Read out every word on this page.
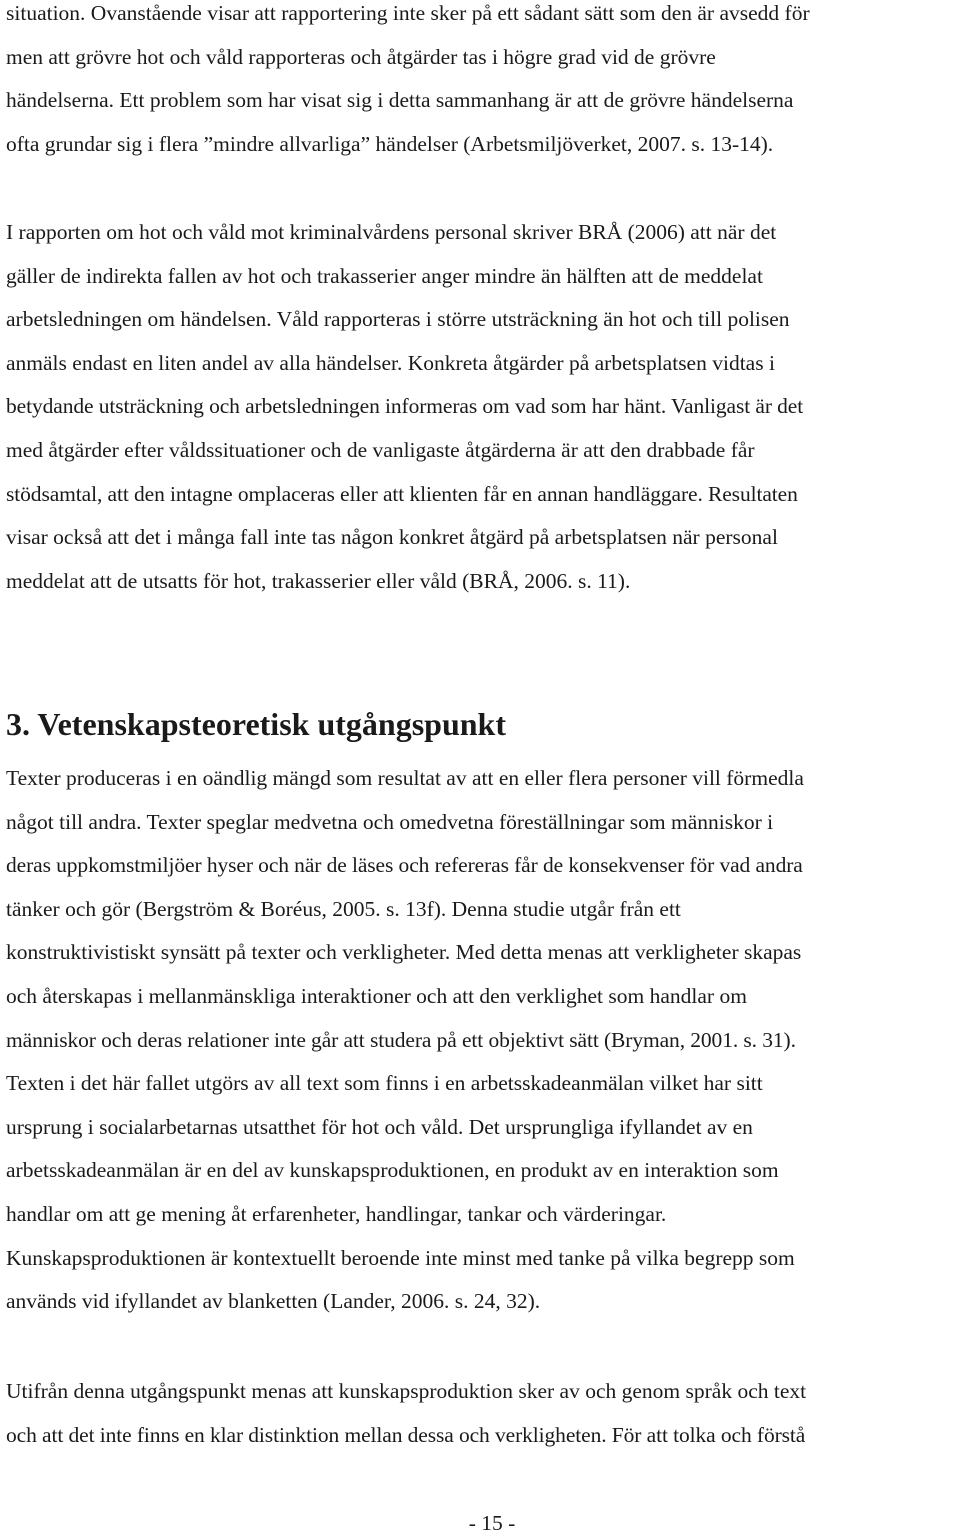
situation. Ovanstående visar att rapportering inte sker på ett sådant sätt som den är avsedd för
men att grövre hot och våld rapporteras och åtgärder tas i högre grad vid de grövre
händelserna. Ett problem som har visat sig i detta sammanhang är att de grövre händelserna
ofta grundar sig i flera ”mindre allvarliga” händelser (Arbetsmiljöverket, 2007. s. 13-14).

I rapporten om hot och våld mot kriminalvårdens personal skriver BRÅ (2006) att när det
gäller de indirekta fallen av hot och trakasserier anger mindre än hälften att de meddelat
arbetsledningen om händelsen. Våld rapporteras i större utsträckning än hot och till polisen
anmäls endast en liten andel av alla händelser. Konkreta åtgärder på arbetsplatsen vidtas i
betydande utsträckning och arbetsledningen informeras om vad som har hänt. Vanligast är det
med åtgärder efter våldssituationer och de vanligaste åtgärderna är att den drabbade får
stödsamtal, att den intagne omplaceras eller att klienten får en annan handläggare. Resultaten
visar också att det i många fall inte tas någon konkret åtgärd på arbetsplatsen när personal
meddelat att de utsatts för hot, trakasserier eller våld (BRÅ, 2006. s. 11).

3. Vetenskapsteoretisk utgångspunkt

Texter produceras i en oändlig mängd som resultat av att en eller flera personer vill förmedla
något till andra. Texter speglar medvetna och omedvetna föreställningar som människor i
deras uppkomstmiljöer hyser och när de läses och refereras får de konsekvenser för vad andra
tänker och gör (Bergström & Boréus, 2005. s. 13f). Denna studie utgår från ett
konstruktivistiskt synsätt på texter och verkligheter. Med detta menas att verkligheter skapas
och återskapas i mellanmänskliga interaktioner och att den verklighet som handlar om
människor och deras relationer inte går att studera på ett objektivt sätt (Bryman, 2001. s. 31).
Texten i det här fallet utgörs av all text som finns i en arbetsskadeanmälan vilket har sitt
ursprung i socialarbetarnas utsatthet för hot och våld. Det ursprungliga ifyllandet av en
arbetsskadeanmälan är en del av kunskapsproduktionen, en produkt av en interaktion som
handlar om att ge mening åt erfarenheter, handlingar, tankar och värderingar.
Kunskapsproduktionen är kontextuellt beroende inte minst med tanke på vilka begrepp som
används vid ifyllandet av blanketten (Lander, 2006. s. 24, 32).

Utifrån denna utgångspunkt menas att kunskapsproduktion sker av och genom språk och text
och att det inte finns en klar distinktion mellan dessa och verkligheten. För att tolka och förstå

- 15 -
